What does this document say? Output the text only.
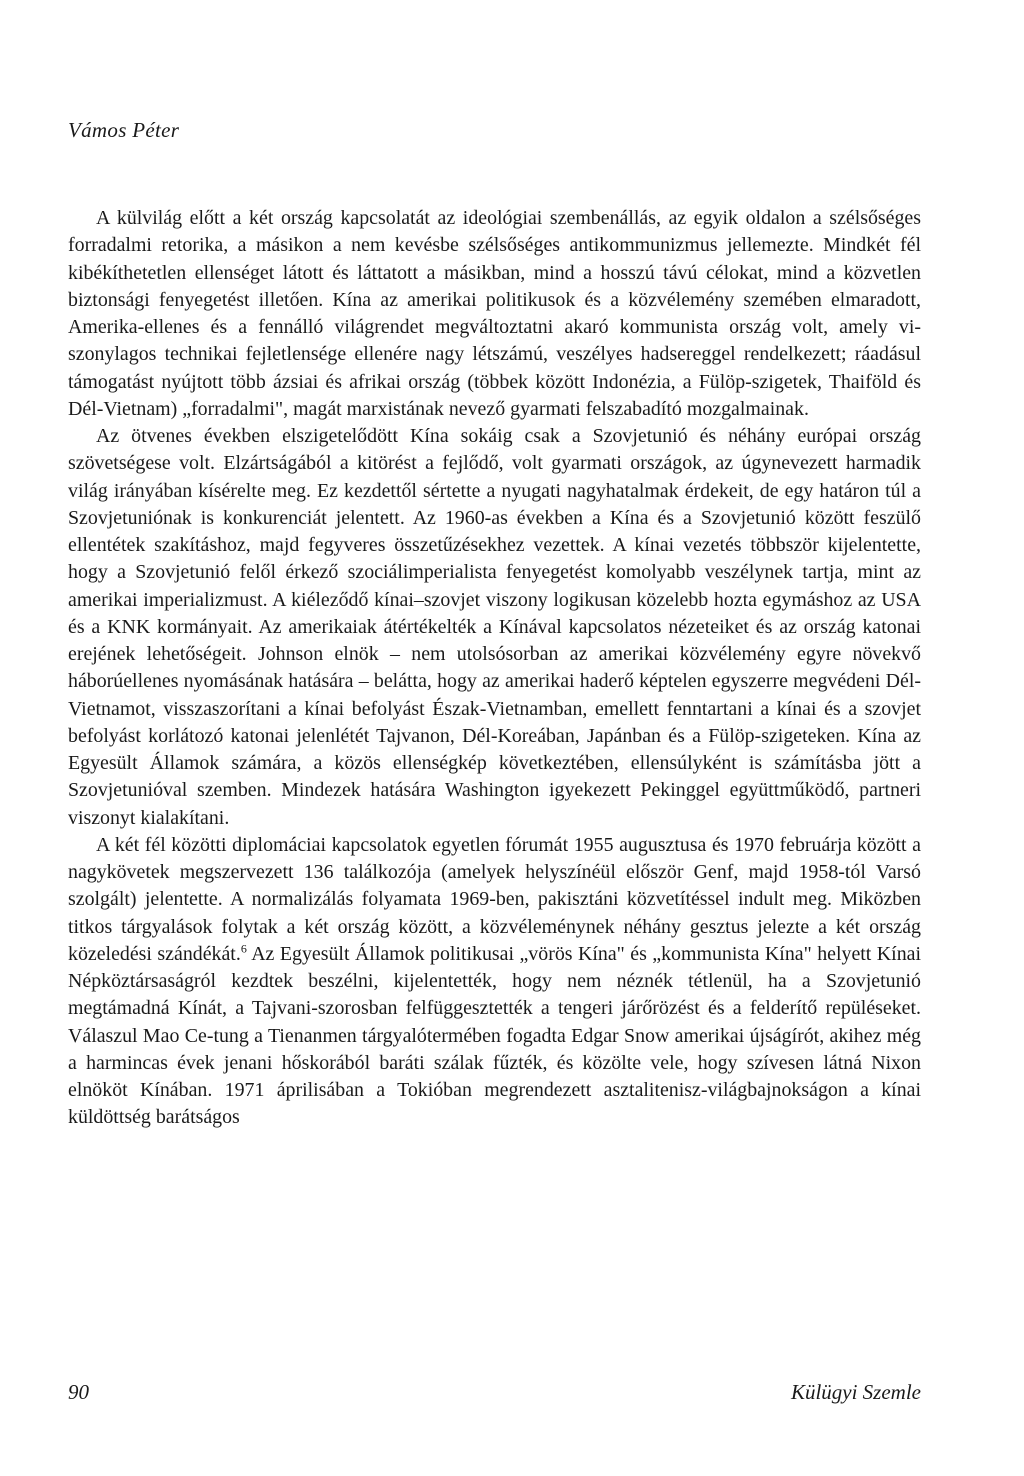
Vámos Péter

A külvilág előtt a két ország kapcsolatát az ideológiai szembenállás, az egyik oldalon a szélsőséges forradalmi retorika, a másikon a nem kevésbe szélsőséges antikommunizmus jellemezte. Mindkét fél kibékíthetetlen ellenséget látott és láttatott a másikban, mind a hosszú távú célokat, mind a közvetlen biztonsági fenyegetést illetően. Kína az amerikai politikusok és a közvélemény szemében elmaradott, Amerika-ellenes és a fennálló világrendet megváltoztatni akaró kommunista ország volt, amely viszonylagos technikai fejletlensége ellenére nagy létszámú, veszélyes hadsereggel rendelkezett; ráadásul támogatást nyújtott több ázsiai és afrikai ország (többek között Indonézia, a Fülöp-szigetek, Thaiföld és Dél-Vietnam) „forradalmi", magát marxistának nevező gyarmati felszabadító mozgalmainak.

Az ötvenes években elszigetelődött Kína sokáig csak a Szovjetunió és néhány európai ország szövetségese volt. Elzártságából a kitörést a fejlődő, volt gyarmati országok, az úgynevezett harmadik világ irányában kísérelte meg. Ez kezdettől sértette a nyugati nagyhatalmak érdekeit, de egy határon túl a Szovjetuniónak is konkurenciát jelentett. Az 1960-as években a Kína és a Szovjetunió között feszülő ellentétek szakításhoz, majd fegyveres összetűzésekhez vezettek. A kínai vezetés többször kijelentette, hogy a Szovjetunió felől érkező szociálimperialista fenyegetést komolyabb veszélynek tartja, mint az amerikai imperializmust. A kiéleződő kínai–szovjet viszony logikusan közelebb hozta egymáshoz az USA és a KNK kormányait. Az amerikaiak átértékelték a Kínával kapcsolatos nézeteiket és az ország katonai erejének lehetőségeit. Johnson elnök – nem utolsósorban az amerikai közvélemény egyre növekvő háborúellenes nyomásának hatására – belátta, hogy az amerikai haderő képtelen egyszerre megvédeni Dél-Vietnamot, visszaszorítani a kínai befolyást Észak-Vietnamban, emellett fenntartani a kínai és a szovjet befolyást korlátozó katonai jelenlétét Tajvanon, Dél-Koreában, Japánban és a Fülöp-szigeteken. Kína az Egyesült Államok számára, a közös ellenségkép következtében, ellensúlyként is számításba jött a Szovjetunióval szemben. Mindezek hatására Washington igyekezett Pekinggel együttműködő, partneri viszonyt kialakítani.

A két fél közötti diplomáciai kapcsolatok egyetlen fórumát 1955 augusztusa és 1970 februárja között a nagykövetek megszervezett 136 találkozója (amelyek helyszínéül először Genf, majd 1958-tól Varsó szolgált) jelentette. A normalizálás folyamata 1969-ben, pakisztáni közvetítéssel indult meg. Miközben titkos tárgyalások folytak a két ország között, a közvéleménynek néhány gesztus jelezte a két ország közeledési szándékát.$^6$ Az Egyesült Államok politikusai „vörös Kína" és „kommunista Kína" helyett Kínai Népköztársaságról kezdtek beszélni, kijelentették, hogy nem néznék tétlenül, ha a Szovjetunió megtámadná Kínát, a Tajvani-szorosban felfüggesztették a tengeri járőrözést és a felderítő repüléseket. Válaszul Mao Ce-tung a Tienanmen tárgyalótermében fogadta Edgar Snow amerikai újságírót, akihez még a harmincas évek jenani hőskorából baráti szálak fűzték, és közölte vele, hogy szívesen látná Nixon elnököt Kínában. 1971 áprilisában a Tokióban megrendezett asztalitenisz-világbajnokságon a kínai küldöttség barátságos

90	Külügyi Szemle
